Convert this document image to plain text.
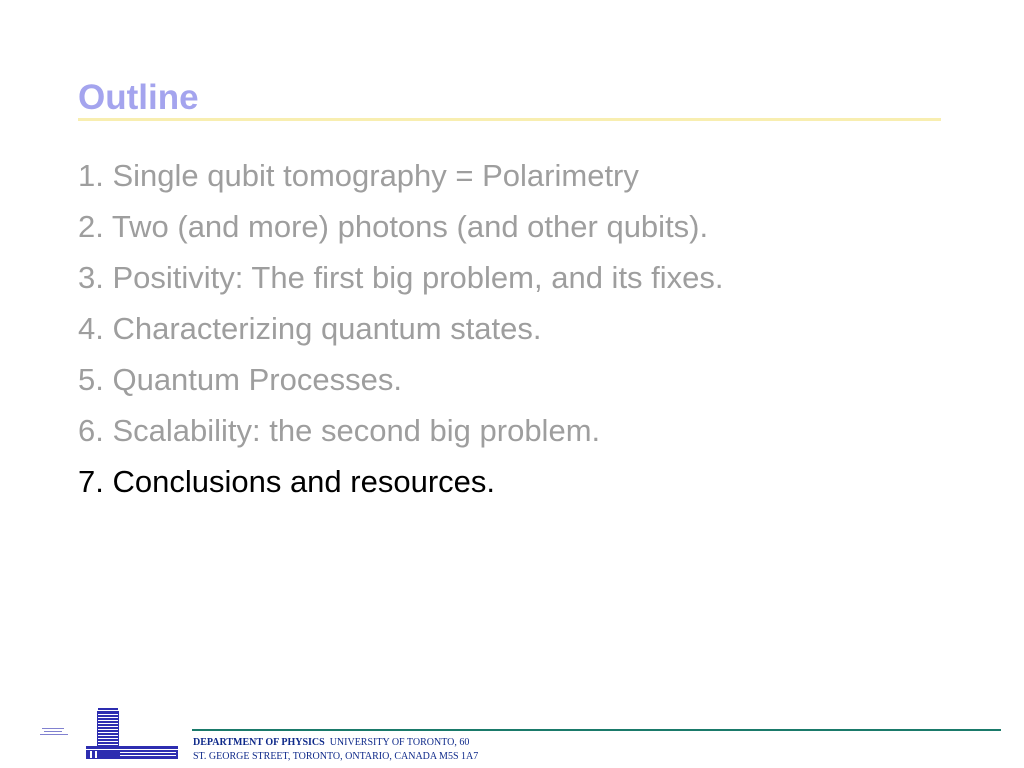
Outline
1. Single qubit tomography = Polarimetry
2. Two (and more) photons (and other qubits).
3. Positivity: The first big problem, and its fixes.
4. Characterizing quantum states.
5. Quantum Processes.
6. Scalability: the second big problem.
7. Conclusions and resources.
DEPARTMENT OF PHYSICS UNIVERSITY OF TORONTO, 60
ST. GEORGE STREET, TORONTO, ONTARIO, CANADA M5S 1A7
